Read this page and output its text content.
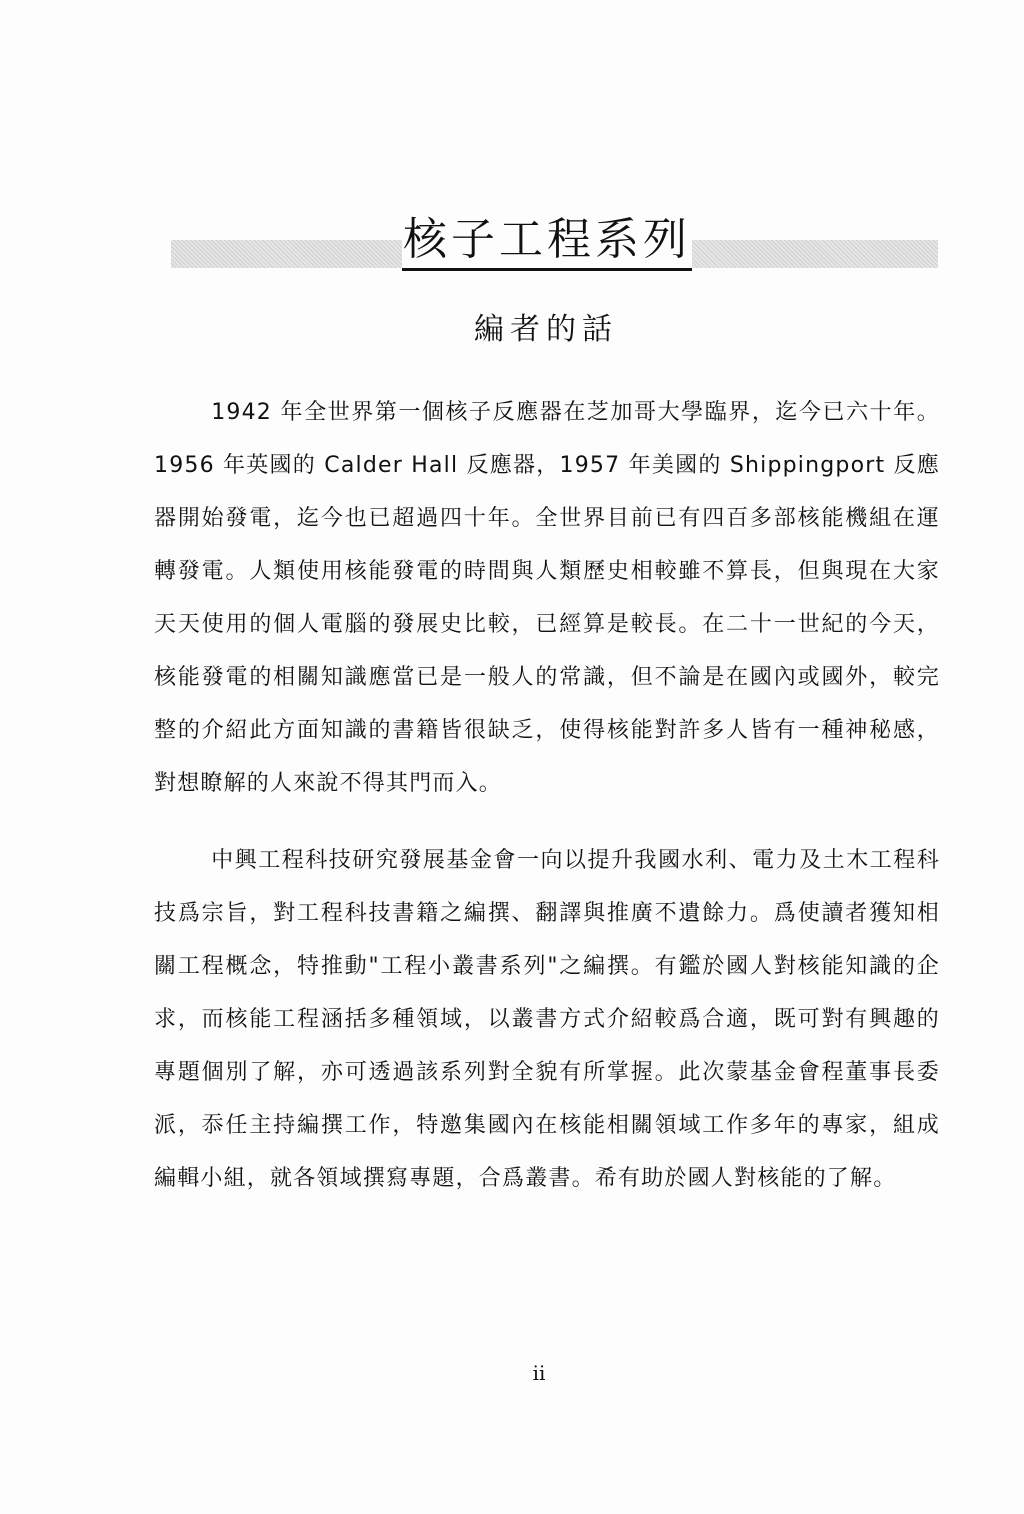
核子工程系列
編者的話

1942 年全世界第一個核子反應器在芝加哥大學臨界，迄今已六十年。1956 年英國的 Calder Hall 反應器，1957 年美國的 Shippingport 反應器開始發電，迄今也已超過四十年。全世界目前已有四百多部核能機組在運轉發電。人類使用核能發電的時間與人類歷史相較雖不算長，但與現在大家天天使用的個人電腦的發展史比較，已經算是較長。在二十一世紀的今天，核能發電的相關知識應當已是一般人的常識，但不論是在國內或國外，較完整的介紹此方面知識的書籍皆很缺乏，使得核能對許多人皆有一種神秘感，對想瞭解的人來說不得其門而入。

中興工程科技研究發展基金會一向以提升我國水利、電力及土木工程科技爲宗旨，對工程科技書籍之編撰、翻譯與推廣不遺餘力。爲使讀者獲知相關工程概念，特推動"工程小叢書系列"之編撰。有鑑於國人對核能知識的企求，而核能工程涵括多種領域，以叢書方式介紹較爲合適，既可對有興趣的專題個別了解，亦可透過該系列對全貌有所掌握。此次蒙基金會程董事長委派，忝任主持編撰工作，特邀集國內在核能相關領域工作多年的專家，組成編輯小組，就各領域撰寫專題，合爲叢書。希有助於國人對核能的了解。

ii
